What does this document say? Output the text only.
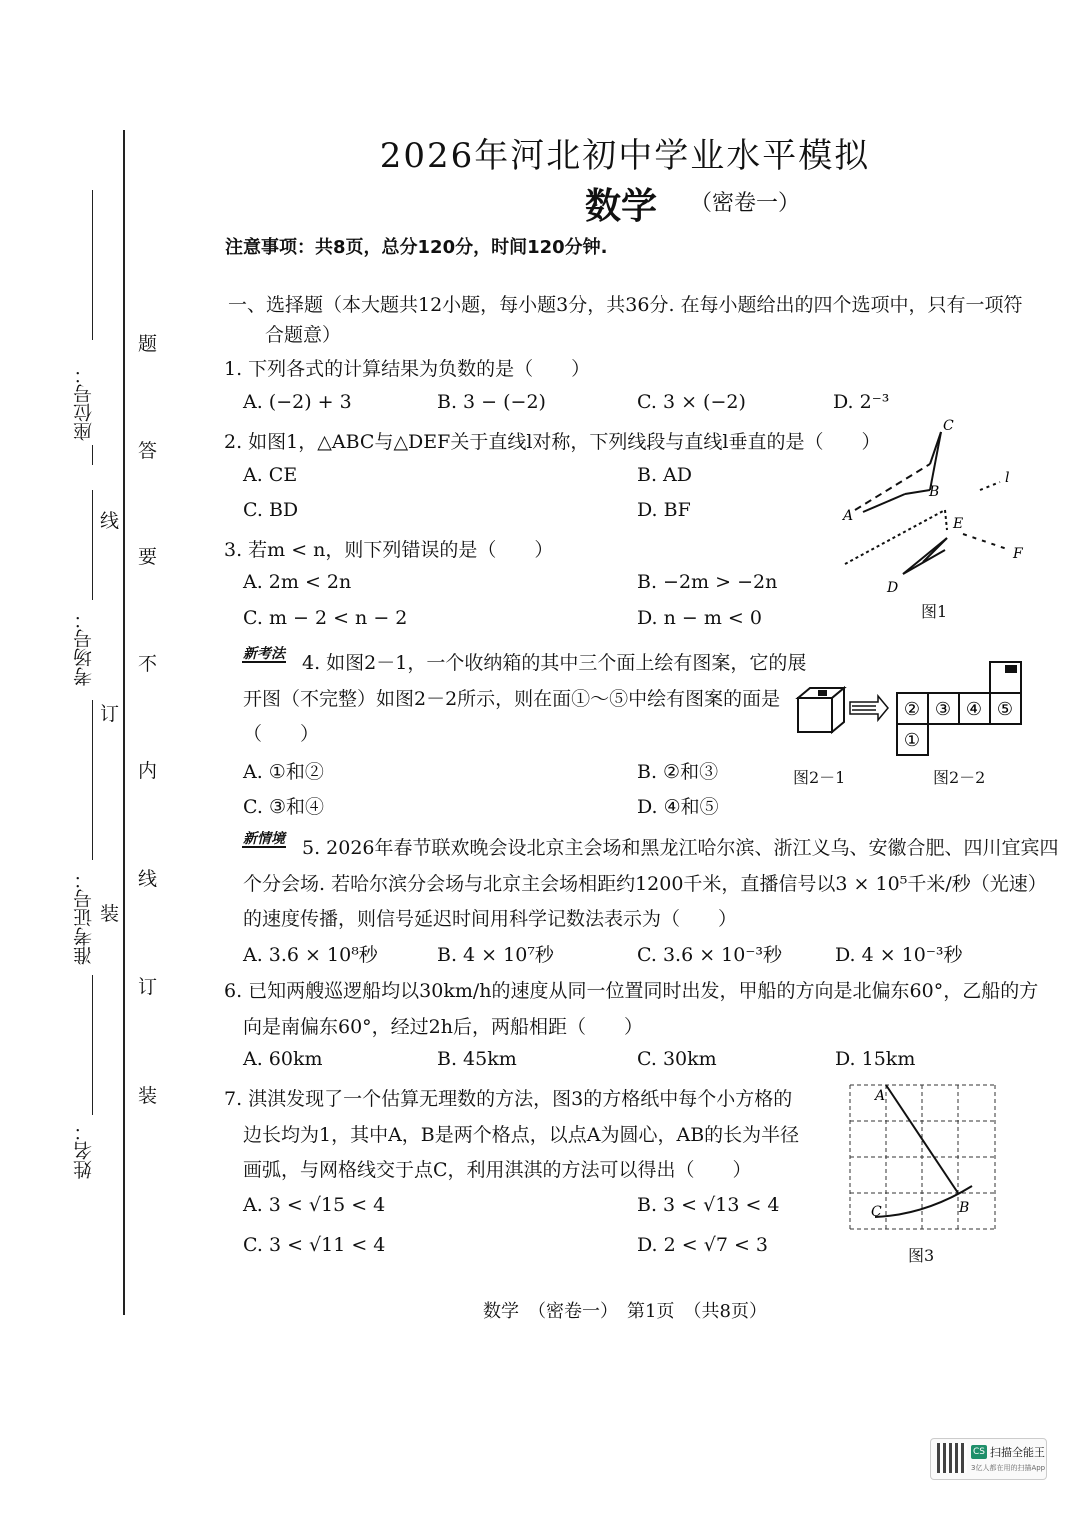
座位号：
考场号：
准考证号：
姓名：
线
订
装
题
答
要
不
内
线
订
装
2026年河北初中学业水平模拟
数学 （密卷一）
注意事项：共8页，总分120分，时间120分钟.
一、选择题（本大题共12小题，每小题3分，共36分. 在每小题给出的四个选项中，只有一项符
合题意）
1. 下列各式的计算结果为负数的是（　　）
A. (−2) + 3	B. 3 − (−2)	C. 3 × (−2)	D. 2⁻³
2. 如图1，△ABC与△DEF关于直线l对称，下列线段与直线l垂直的是（　　）
A. CE	B. AD
C. BD	D. BF
3. 若m < n，则下列错误的是（　　）
A. 2m < 2n	B. −2m > −2n
C. m − 2 < n − 2	D. n − m < 0
新考法 4. 如图2－1，一个收纳箱的其中三个面上绘有图案，它的展
开图（不完整）如图2－2所示，则在面①～⑤中绘有图案的面是
（　　）
A. ①和②	B. ②和③
C. ③和④	D. ④和⑤
新情境 5. 2026年春节联欢晚会设北京主会场和黑龙江哈尔滨、浙江义乌、安徽合肥、四川宜宾四
个分会场. 若哈尔滨分会场与北京主会场相距约1200千米，直播信号以3 × 10⁵千米/秒（光速）
的速度传播，则信号延迟时间用科学记数法表示为（　　）
A. 3.6 × 10⁸秒	B. 4 × 10⁷秒	C. 3.6 × 10⁻³秒	D. 4 × 10⁻³秒
6. 已知两艘巡逻船均以30km/h的速度从同一位置同时出发，甲船的方向是北偏东60°，乙船的方
向是南偏东60°，经过2h后，两船相距（　　）
A. 60km	B. 45km	C. 30km	D. 15km
7. 淇淇发现了一个估算无理数的方法，图3的方格纸中每个小方格的
边长均为1，其中A，B是两个格点，以点A为圆心，AB的长为半径
画弧，与网格线交于点C，利用淇淇的方法可以得出（　　）
A. 3 < √15 < 4	B. 3 < √13 < 4
C. 3 < √11 < 4	D. 2 < √7 < 3
C
A
B
l
E
D
F
图1
② ③ ④ ⑤
①
图2－1	图2－2
A
C	B
图3
数学　（密卷一）　第1页　（共8页）
CS 扫描全能王
3亿人都在用的扫描App
